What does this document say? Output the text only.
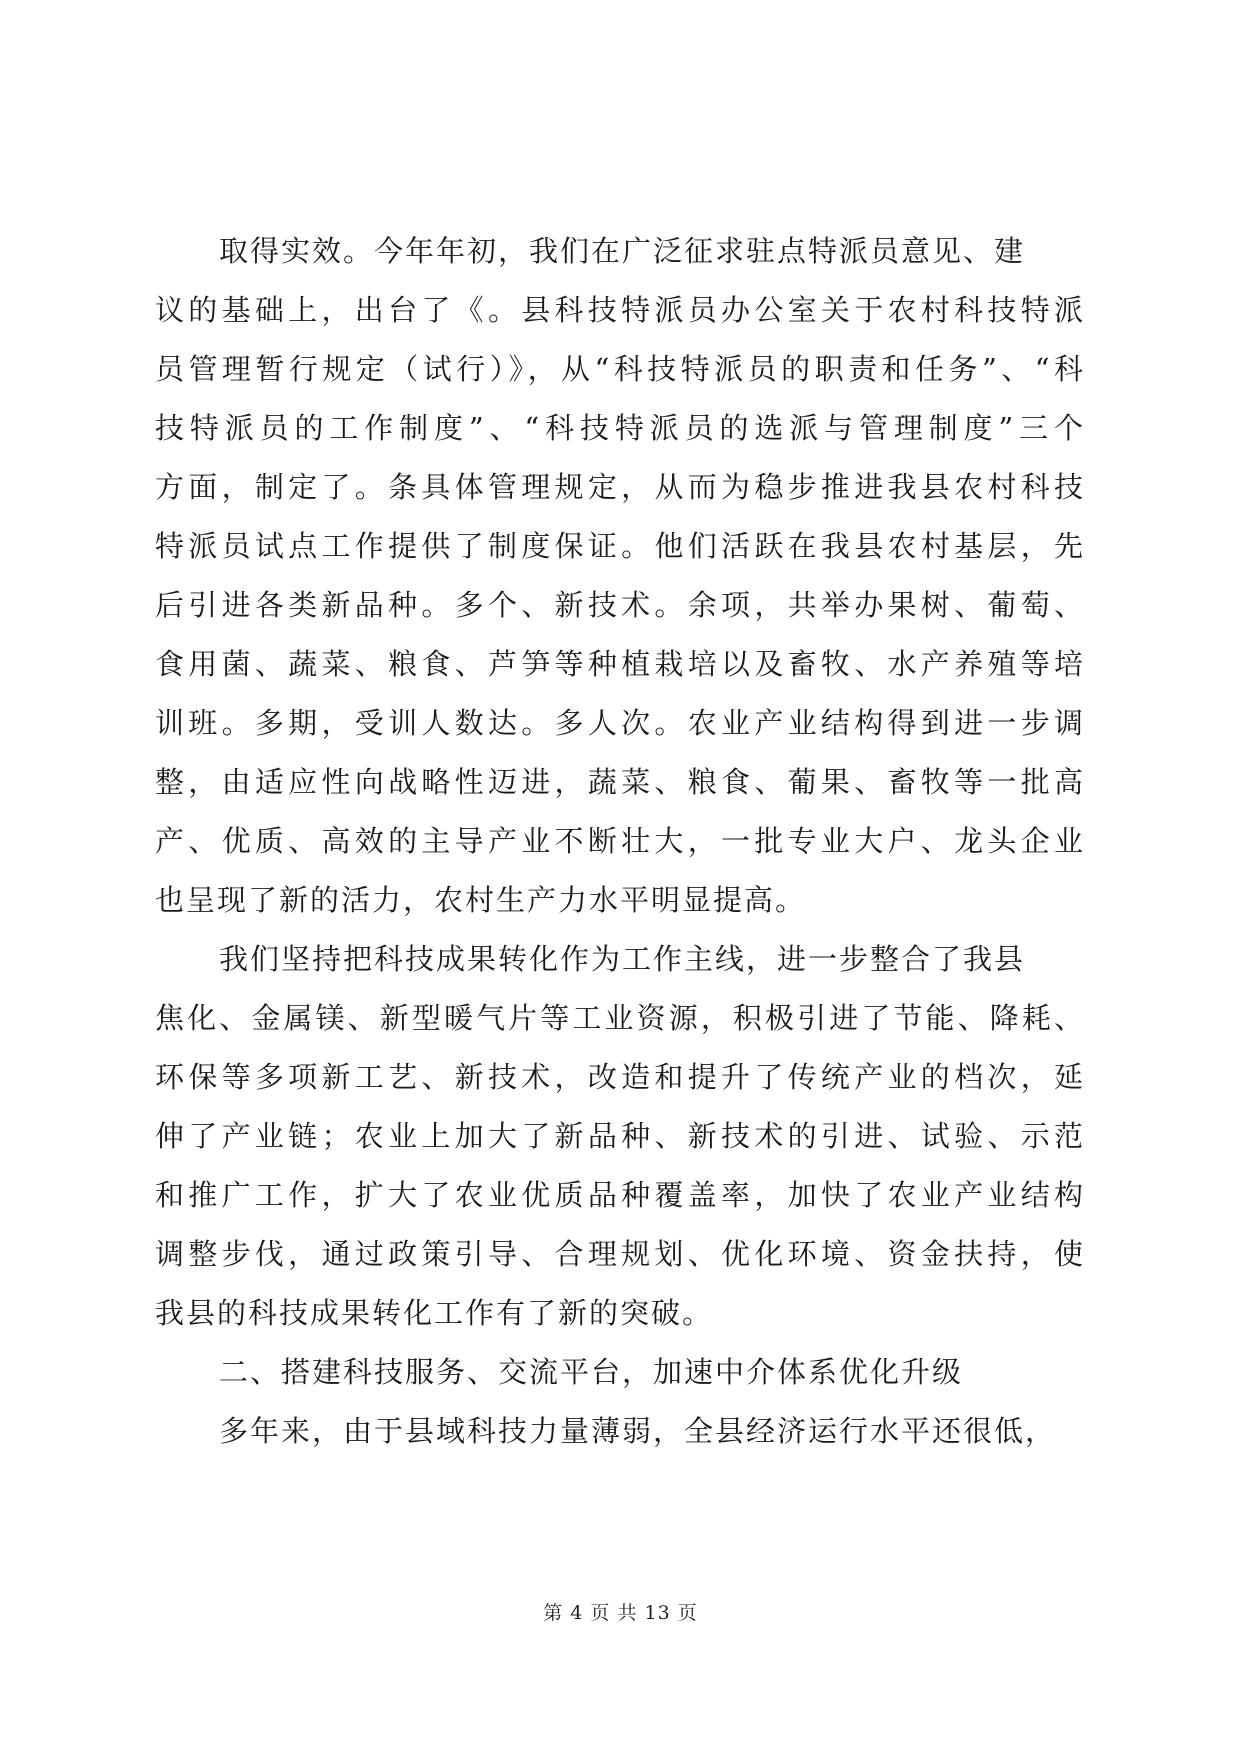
取得实效。今年年初，我们在广泛征求驻点特派员意见、建
议的基础上，出台了《。县科技特派员办公室关于农村科技特派
员管理暂行规定（试行）》，从“科技特派员的职责和任务”、“科
技特派员的工作制度”、“科技特派员的选派与管理制度”三个
方面，制定了。条具体管理规定，从而为稳步推进我县农村科技
特派员试点工作提供了制度保证。他们活跃在我县农村基层，先
后引进各类新品种。多个、新技术。余项，共举办果树、葡萄、
食用菌、蔬菜、粮食、芦笋等种植栽培以及畜牧、水产养殖等培
训班。多期，受训人数达。多人次。农业产业结构得到进一步调
整，由适应性向战略性迈进，蔬菜、粮食、葡果、畜牧等一批高
产、优质、高效的主导产业不断壮大，一批专业大户、龙头企业
也呈现了新的活力，农村生产力水平明显提高。
我们坚持把科技成果转化作为工作主线，进一步整合了我县
焦化、金属镁、新型暖气片等工业资源，积极引进了节能、降耗、
环保等多项新工艺、新技术，改造和提升了传统产业的档次，延
伸了产业链；农业上加大了新品种、新技术的引进、试验、示范
和推广工作，扩大了农业优质品种覆盖率，加快了农业产业结构
调整步伐，通过政策引导、合理规划、优化环境、资金扶持，使
我县的科技成果转化工作有了新的突破。
二、搭建科技服务、交流平台，加速中介体系优化升级
多年来，由于县域科技力量薄弱，全县经济运行水平还很低，
第 4 页 共 13 页
